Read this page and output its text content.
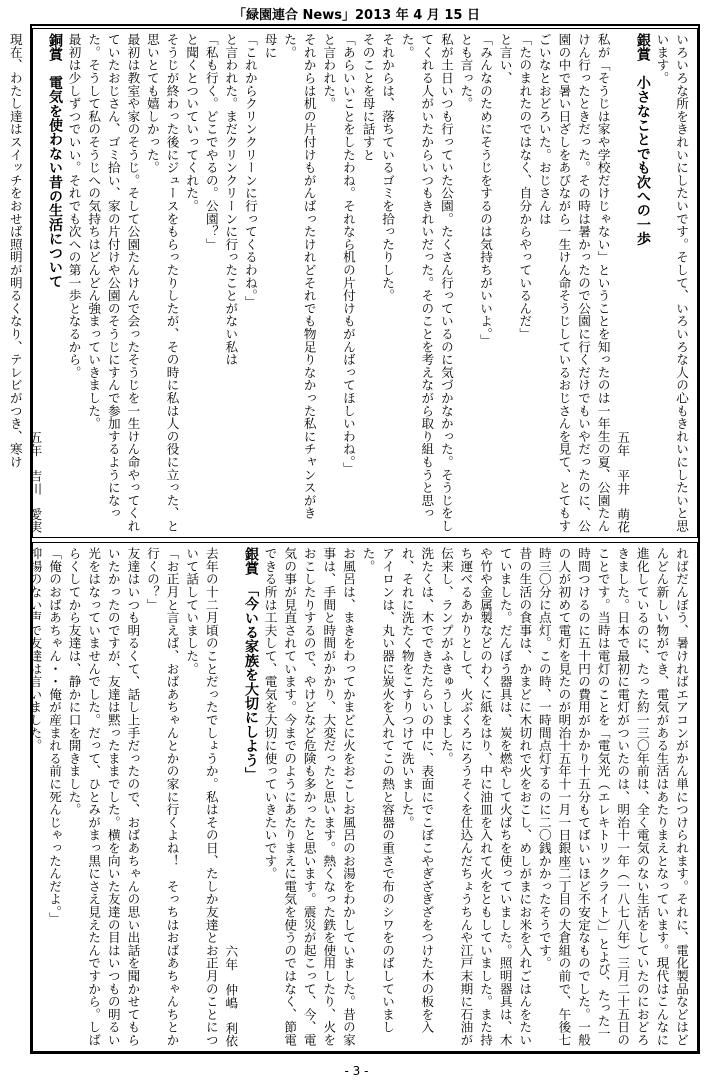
「緑園連合 News」2013 年 4 月 15 日

いろいろな所をきれいにしたいです。そして、いろいろな人の心もきれいにしたいと思います。

銀賞　小さなことでも次への一歩

五年　平井　萌花

私が「そうじは家や学校だけじゃない」ということを知ったのは一年生の夏、公園たんけん行ったときだった。その時は暑かったので公園に行くだけでもいやだったのに、公園の中で暑い日ざしをあびながら一生けん命そうじしているおじさんを見て、とてもすごいなとおどろいた。おじさんは

「たのまれたのではなく、自分からやっているんだ」

と言い、

「みんなのためにそうじをするのは気持ちがいいよ。」

とも言った。

私が土日いつも行っていた公園。たくさん行っているのに気づかなかった。そうじをしてくれる人がいたからいつもきれいだった。そのことを考えながら取り組もうと思った。

それからは、落ちているゴミを拾ったりした。

そのことを母に話すと

「あらいいことをしたわね。それなら机の片付けもがんばってほしいわね。」

と言われた。

それからは机の片付けもがんばったけれどそれでも物足りなかった私にチャンスがきた。

母に

「これからクリンクリーンに行ってくるわね。」

と言われた。まだクリンクリーンに行ったことがない私は

「私も行く。どこでやるの。公園？」

と聞くとついていってくれた。

そうじが終わった後にジュースをもらったりしたが、その時に私は人の役に立った、と思いとても嬉しかった。

最初は教室や家のそうじ。そして公園たんけんで会ったそうじを一生けん命やってくれていたおじさん、ゴミ拾い、家の片付けや公園のそうじにすんで参加するようになった。そうして私のそうじへの気持ちはどんどん強まっていきました。

最初は少しずつでいい。それでも次への第一歩となるから。

銅賞　電気を使わない昔の生活について

五年　吉川　愛実

現在、わたし達はスイッチをおせば照明が明るくなり、テレビがつき、寒け

ればだんぼう、暑ければエアコンがかん単につけられます。それに、電化製品などはどんどん新しい物ができ、電気がある生活はあたりまえとなっています。現代はこんなに進化しているのに、たった約一三〇年前は、全く電気のない生活をしていたのにおどろきました。日本で最初に電灯がついたのは、明治十一年（一八七八年）三月二十五日のことです。当時は電灯のことを「電気光（エレキトリックライト）」とよび、たった一時間つけるのに五十円の費用がかかり十五分もてばいいほど不安定なものでした。一般の人が初めて電灯を見たのが明治十五年十一月一日銀座二丁目の大倉組の前で、午後七時三〇分に点灯。この時、一時間点灯するのに二〇銭かかったそうです。

昔の生活の食事は、かまどに木切れで火をおこし、めしがまにお米を入れごはんをたいていました。だんぼう器具は、炭を燃やして火ばちを使っていました。照明器具は、木や竹や金属製などのわくに紙をはり、中に油皿を入れて火をともしていました。また持ち運べるあかりとして、火ぶくろにろうそくを仕込んだちょうちんや江戸末期に石油が伝来し、ランプがふきゅうしました。

洗たくは、木でできたたらいの中に、表面にでこぼこやぎざぎざをつけた木の板を入れ、それに洗たく物をこすりつけて洗いました。

アイロンは、丸い器に炭火を入れてこの熱と容器の重さで布のシワをのばしていました。

お風呂は、まきをわってかまどに火をおこしお風呂のお湯をわかしていました。昔の家事は、手間と時間がかかり、大変だったと思います。熱くなった鉄を使用したり、火をおこしたりするので、やけどなど危険も多かったと思います。震災が起こって、今、電気の事が見直されています。今までのようにあたりまえに電気を使うのではなく、節電できる所は工夫して、電気を大切に使っていきたいです。

銀賞　「今いる家族を大切にしよう」

六年　仲嶋　利依

去年の十二月頃のことだったでしょうか。私はその日、たしか友達とお正月のことについて話していました。

「お正月と言えば、おばあちゃんとかの家に行くよね！　そっちはおばあちゃんちとか行くの？」

友達はいつも明るくて、話し上手だったので、おばあちゃんの思い出話を聞かせてもらいたかったのですが、友達は黙ったままでした。横を向いた友達の目はいつもの明るい光をはなっていませんでした。だって、ひとみがまっ黒にさえ見えたんですから。しばらくしてから友達は、静かに口を開きました。

「俺のおばあちゃん・・俺が産まれる前に死んじゃったんだよ。」

抑揚のない声で友達は言いました。

- 3 -
